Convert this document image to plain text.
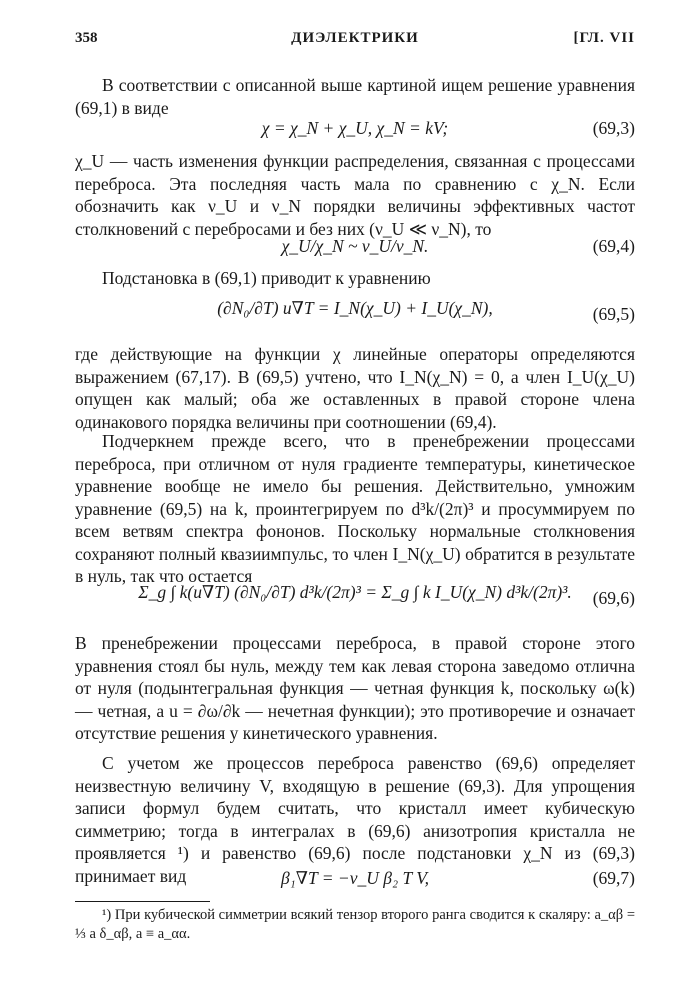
358	ДИЭЛЕКТРИКИ	[ГЛ. VII

В соответствии с описанной выше картиной ищем решение уравнения (69,1) в виде

χ = χ_N + χ_U, χ_N = kV;	(69,3)

χ_U — часть изменения функции распределения, связанная с процессами переброса. Эта последняя часть мала по сравнению с χ_N. Если обозначить как ν_U и ν_N порядки величины эффективных частот столкновений с перебросами и без них (ν_U ≪ ν_N), то

χ_U/χ_N ~ ν_U/ν_N.	(69,4)

Подстановка в (69,1) приводит к уравнению

(∂N₀/∂T) u∇T = I_N(χ_U) + I_U(χ_N),	(69,5)

где действующие на функции χ линейные операторы определяются выражением (67,17). В (69,5) учтено, что I_N(χ_N) = 0, а член I_U(χ_U) опущен как малый; оба же оставленных в правой стороне члена одинакового порядка величины при соотношении (69,4).

Подчеркнем прежде всего, что в пренебрежении процессами переброса, при отличном от нуля градиенте температуры, кинетическое уравнение вообще не имело бы решения. Действительно, умножим уравнение (69,5) на k, проинтегрируем по d³k/(2π)³ и просуммируем по всем ветвям спектра фононов. Поскольку нормальные столкновения сохраняют полный квазиимпульс, то член I_N(χ_U) обратится в результате в нуль, так что остается

Σ_g ∫ k(u∇T) (∂N₀/∂T) d³k/(2π)³ = Σ_g ∫ k I_U(χ_N) d³k/(2π)³.	(69,6)

В пренебрежении процессами переброса, в правой стороне этого уравнения стоял бы нуль, между тем как левая сторона заведомо отлична от нуля (подынтегральная функция — четная функция k, поскольку ω(k) — четная, а u = ∂ω/∂k — нечетная функции); это противоречие и означает отсутствие решения у кинетического уравнения.

С учетом же процессов переброса равенство (69,6) определяет неизвестную величину V, входящую в решение (69,3). Для упрощения записи формул будем считать, что кристалл имеет кубическую симметрию; тогда в интегралах в (69,6) анизотропия кристалла не проявляется ¹) и равенство (69,6) после подстановки χ_N из (69,3) принимает вид	β₁∇T = −ν_U β₂ T V,	(69,7)

¹) При кубической симметрии всякий тензор второго ранга сводится к скаляру: a_αβ = ⅓ a δ_αβ, a ≡ a_αα.
